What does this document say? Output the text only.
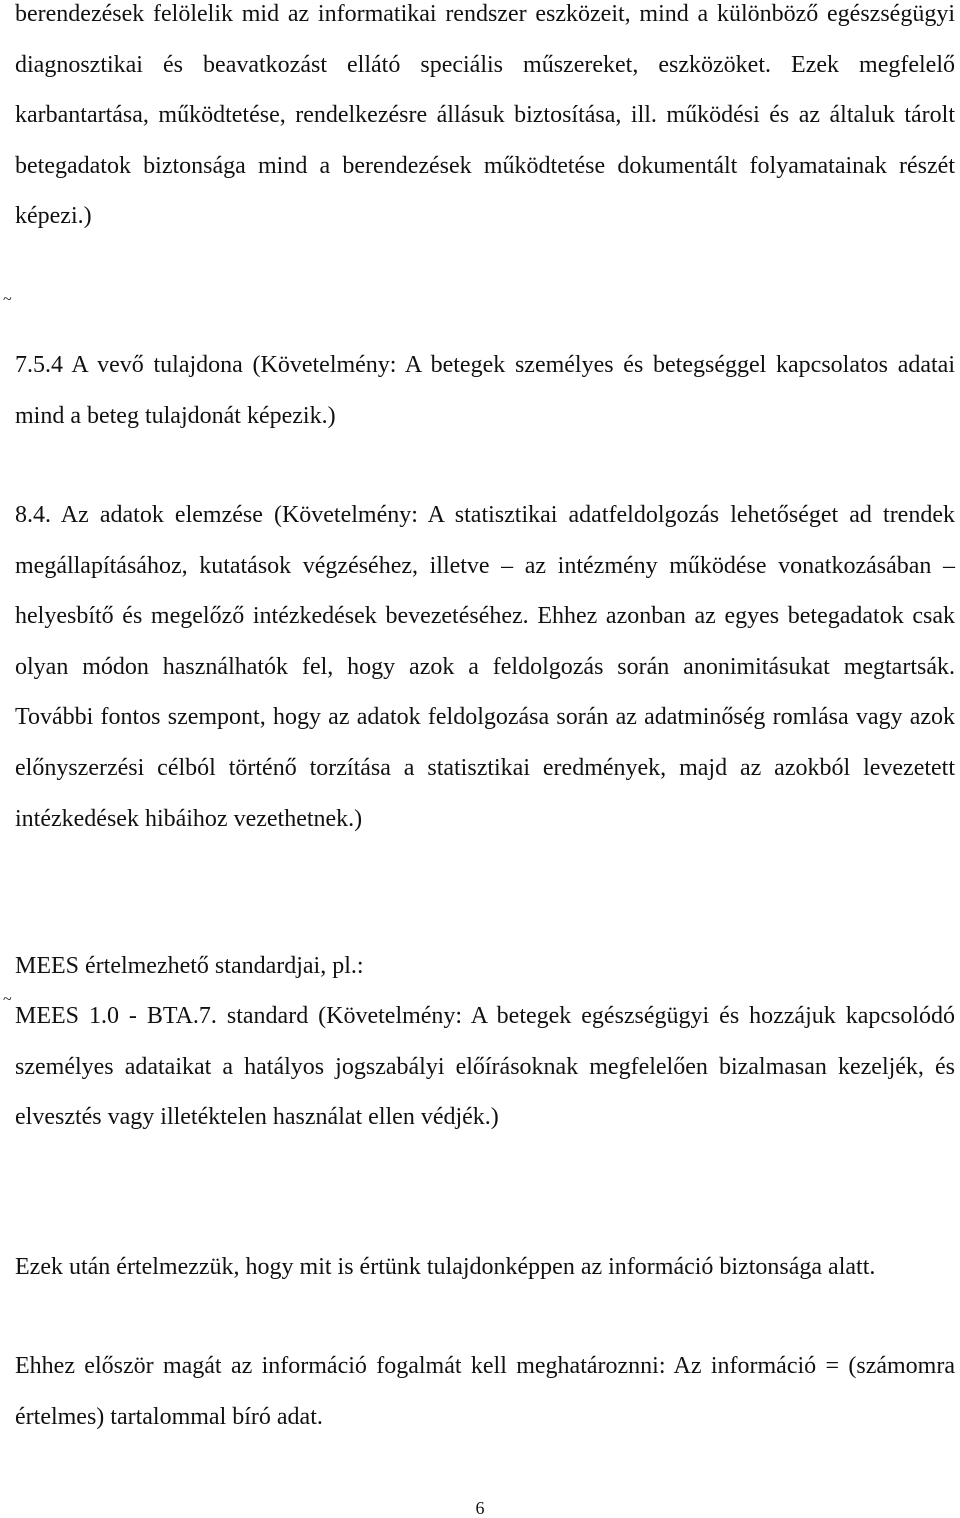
berendezések felölelik mid az informatikai rendszer eszközeit, mind a különböző egészségügyi diagnosztikai és beavatkozást ellátó speciális műszereket, eszközöket. Ezek megfelelő karbantartása, működtetése, rendelkezésre állásuk biztosítása, ill. működési és az általuk tárolt betegadatok biztonsága mind a berendezések működtetése dokumentált folyamatainak részét képezi.)

~

7.5.4 A vevő tulajdona (Követelmény: A betegek személyes és betegséggel kapcsolatos adatai mind a beteg tulajdonát képezik.)

8.4. Az adatok elemzése (Követelmény: A statisztikai adatfeldolgozás lehetőséget ad trendek megállapításához, kutatások végzéséhez, illetve – az intézmény működése vonatkozásában – helyesbítő és megelőző intézkedések bevezetéséhez. Ehhez azonban az egyes betegadatok csak olyan módon használhatók fel, hogy azok a feldolgozás során anonimitásukat megtartsák. További fontos szempont, hogy az adatok feldolgozása során az adatminőség romlása vagy azok előnyszerzési célból történő torzítása a statisztikai eredmények, majd az azokból levezetett intézkedések hibáihoz vezethetnek.)

MEES értelmezhető standardjai, pl.:

~

MEES 1.0 - BTA.7. standard (Követelmény: A betegek egészségügyi és hozzájuk kapcsolódó személyes adataikat a hatályos jogszabályi előírásoknak megfelelően bizalmasan kezeljék, és elvesztés vagy illetéktelen használat ellen védjék.)

Ezek után értelmezzük, hogy mit is értünk tulajdonképpen az információ biztonsága alatt.

Ehhez először magát az információ fogalmát kell meghatároznni: Az információ = (számomra értelmes) tartalommal bíró adat.

6
